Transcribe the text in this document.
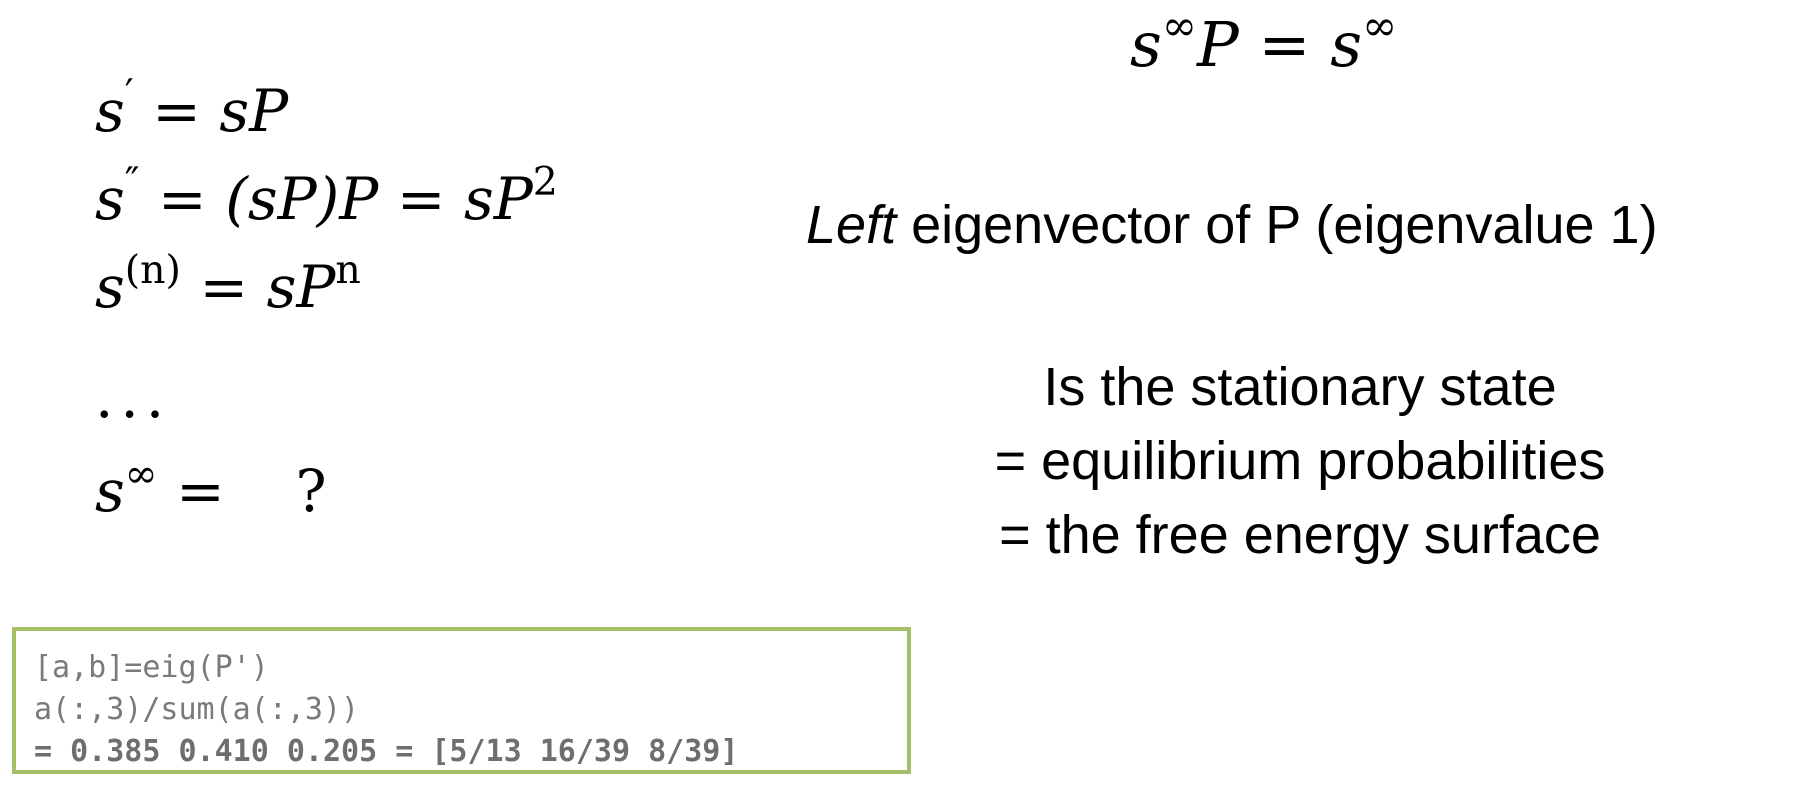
s′ = sP
$s'' = (sP)P = sP^2$
$s^{(n)} = sP^n$
...
s∞ = ?
s∞P = s∞
Left eigenvector of P (eigenvalue 1)
Is the stationary state
= equilibrium probabilities
= the free energy surface
[a,b]=eig(P')
a(:,3)/sum(a(:,3))
= 0.385 0.410 0.205 = [5/13 16/39 8/39]
